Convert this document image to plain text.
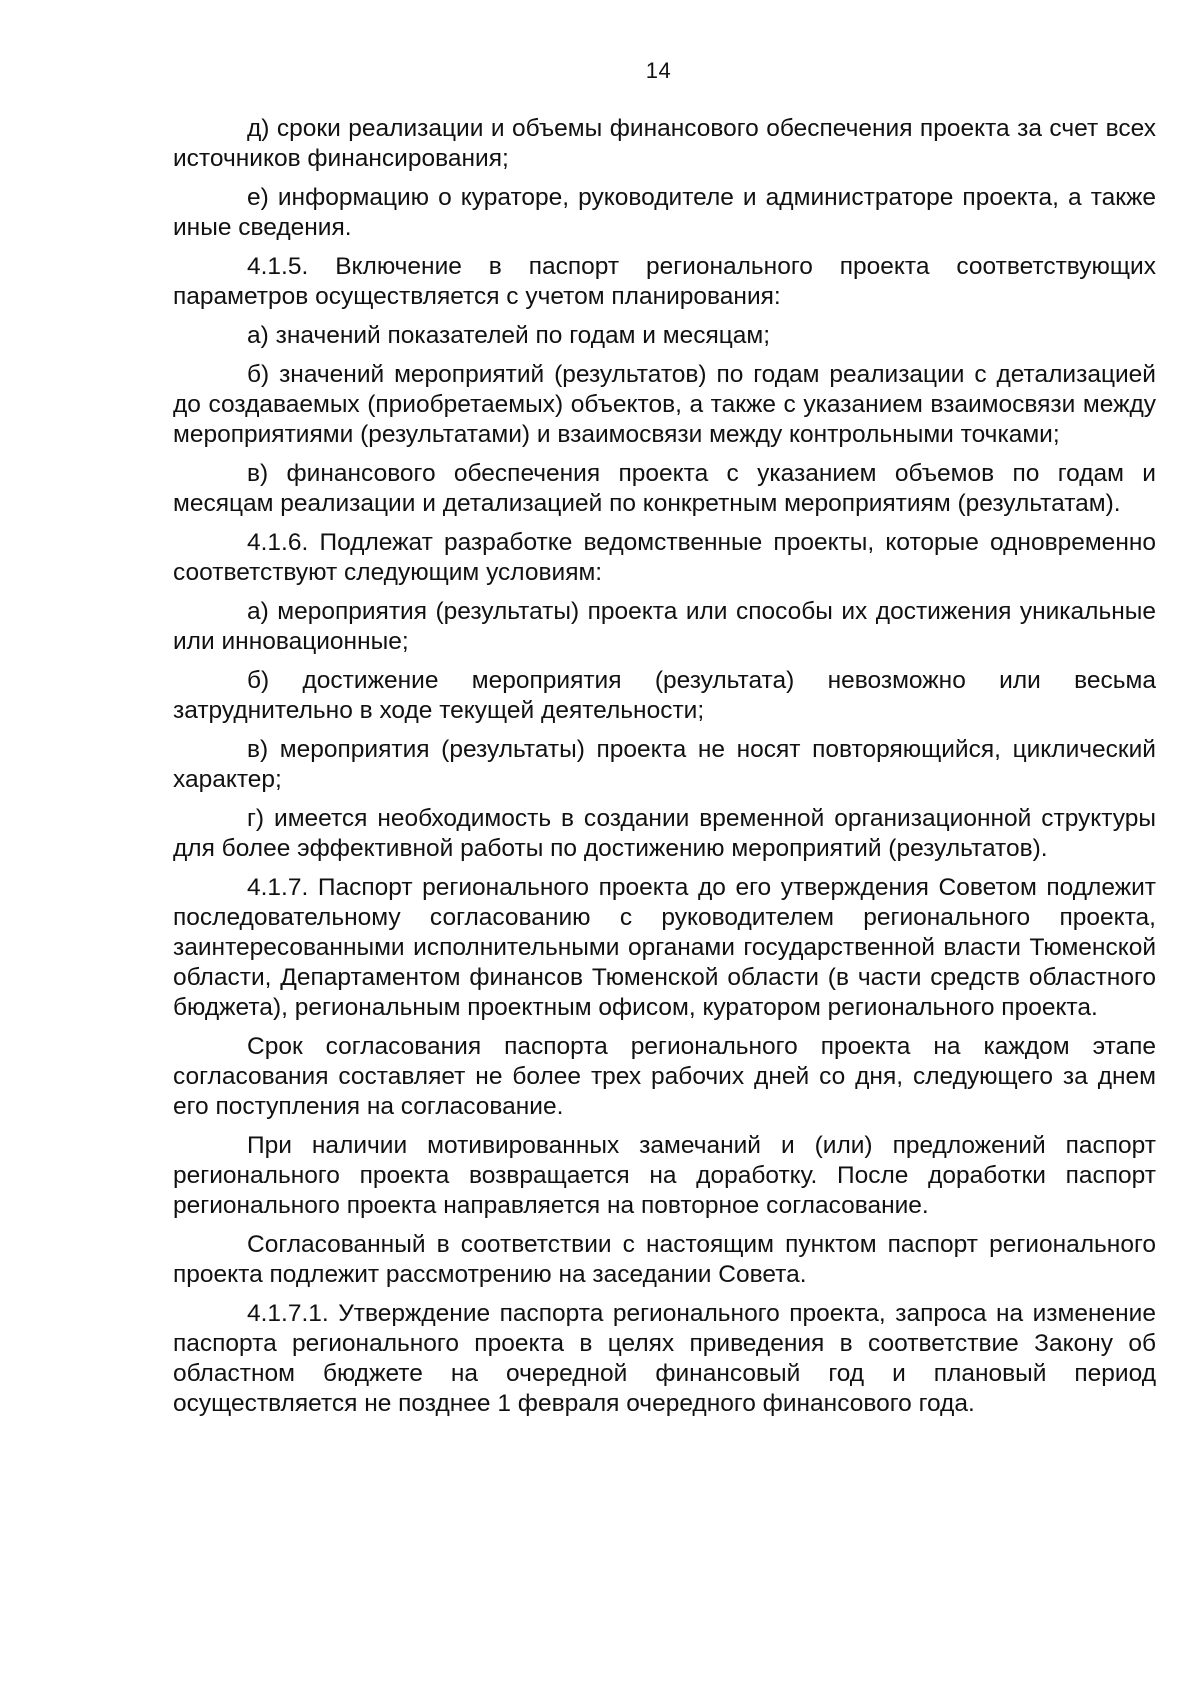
14

д) сроки реализации и объемы финансового обеспечения проекта за счет всех источников финансирования;

е) информацию о кураторе, руководителе и администраторе проекта, а также иные сведения.

4.1.5. Включение в паспорт регионального проекта соответствующих параметров осуществляется с учетом планирования:

а) значений показателей по годам и месяцам;

б) значений мероприятий (результатов) по годам реализации с детализацией до создаваемых (приобретаемых) объектов, а также с указанием взаимосвязи между мероприятиями (результатами) и взаимосвязи между контрольными точками;

в) финансового обеспечения проекта с указанием объемов по годам и месяцам реализации и детализацией по конкретным мероприятиям (результатам).

4.1.6. Подлежат разработке ведомственные проекты, которые одновременно соответствуют следующим условиям:

а) мероприятия (результаты) проекта или способы их достижения уникальные или инновационные;

б) достижение мероприятия (результата) невозможно или весьма затруднительно в ходе текущей деятельности;

в) мероприятия (результаты) проекта не носят повторяющийся, циклический характер;

г) имеется необходимость в создании временной организационной структуры для более эффективной работы по достижению мероприятий (результатов).

4.1.7. Паспорт регионального проекта до его утверждения Советом подлежит последовательному согласованию с руководителем регионального проекта, заинтересованными исполнительными органами государственной власти Тюменской области, Департаментом финансов Тюменской области (в части средств областного бюджета), региональным проектным офисом, куратором регионального проекта.

Срок согласования паспорта регионального проекта на каждом этапе согласования составляет не более трех рабочих дней со дня, следующего за днем его поступления на согласование.

При наличии мотивированных замечаний и (или) предложений паспорт регионального проекта возвращается на доработку. После доработки паспорт регионального проекта направляется на повторное согласование.

Согласованный в соответствии с настоящим пунктом паспорт регионального проекта подлежит рассмотрению на заседании Совета.

4.1.7.1. Утверждение паспорта регионального проекта, запроса на изменение паспорта регионального проекта в целях приведения в соответствие Закону об областном бюджете на очередной финансовый год и плановый период осуществляется не позднее 1 февраля очередного финансового года.
